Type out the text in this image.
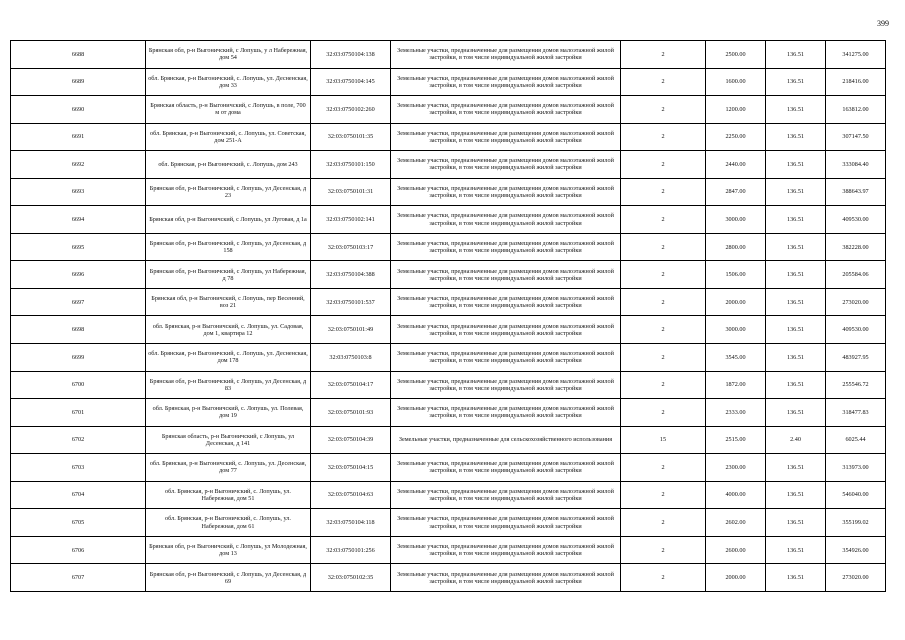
399
6688	Брянская обл, р-н Выгоничский, с Лопушь, у л Набережная, дом 54	32:03:0750104:138	Земельные участки, предназначенные для размещения домов малоэтажной жилой застройки, в том числе индивидуальной жилой застройки	2	2500.00	136.51	341275.00
6689	обл. Брянская, р-н Выгоничский, с. Лопушь, ул. Десненская, дом 33	32:03:0750104:145	Земельные участки, предназначенные для размещения домов малоэтажной жилой застройки, в том числе индивидуальной жилой застройки	2	1600.00	136.51	218416.00
6690	Брянская область, р-н Выгоничский, с Лопушь, в поле, 700 м от домa	32:03:0750102:260	Земельные участки, предназначенные для размещения домов малоэтажной жилой застройки, в том числе индивидуальной жилой застройки	2	1200.00	136.51	163812.00
6691	обл. Брянская, р-н Выгоничский, с. Лопушь, ул. Советская, дом 251-А	32:03:0750101:35	Земельные участки, предназначенные для размещения домов малоэтажной жилой застройки, в том числе индивидуальной жилой застройки	2	2250.00	136.51	307147.50
6692	обл. Брянская, р-н Выгоничский, с. Лопушь, дом 243	32:03:0750101:150	Земельные участки, предназначенные для размещения домов малоэтажной жилой застройки, в том числе индивидуальной жилой застройки	2	2440.00	136.51	333084.40
6693	Брянская обл, р-н Выгоничский, с Лопушь, ул Десенская, д 23	32:03:0750101:31	Земельные участки, предназначенные для размещения домов малоэтажной жилой застройки, в том числе индивидуальной жилой застройки	2	2847.00	136.51	388643.97
6694	Брянская обл, р-н Выгоничский, с Лопушь, ул Луговая, д 1а	32:03:0750102:141	Земельные участки, предназначенные для размещения домов малоэтажной жилой застройки, в том числе индивидуальной жилой застройки	2	3000.00	136.51	409530.00
6695	Брянская обл, р-н Выгоничский, с Лопушь, ул Десенская, д 158	32:03:0750103:17	Земельные участки, предназначенные для размещения домов малоэтажной жилой застройки, в том числе индивидуальной жилой застройки	2	2800.00	136.51	382228.00
6696	Брянская обл, р-н Выгоничский, с Лопушь, ул Набережная, д 78	32:03:0750104:388	Земельные участки, предназначенные для размещения домов малоэтажной жилой застройки, в том числе индивидуальной жилой застройки	2	1506.00	136.51	205584.06
6697	Брянская обл, р-н Выгоничский, с Лопушь, пер Весенний, вoз 21	32:03:0750101:537	Земельные участки, предназначенные для размещения домов малоэтажной жилой застройки, в том числе индивидуальной жилой застройки	2	2000.00	136.51	273020.00
6698	обл. Брянская, р-н Выгоничский, с. Лопушь, ул. Садовая, дом 1, квартира 12	32:03:0750101:49	Земельные участки, предназначенные для размещения домов малоэтажной жилой застройки, в том числе индивидуальной жилой застройки	2	3000.00	136.51	409530.00
6699	обл. Брянская, р-н Выгоничский, с. Лопушь, ул. Десненская, дом 178	32:03:0750103:8	Земельные участки, предназначенные для размещения домов малоэтажной жилой застройки, в том числе индивидуальной жилой застройки	2	3545.00	136.51	483927.95
6700	Брянская обл, р-н Выгоничский, с Лопушь, ул Десенская, д 83	32:03:0750104:17	Земельные участки, предназначенные для размещения домов малоэтажной жилой застройки, в том числе индивидуальной жилой застройки	2	1872.00	136.51	255546.72
6701	обл. Брянская, р-н Выгоничский, с. Лопушь, ул. Полевая, дом 19	32:03:0750101:93	Земельные участки, предназначенные для размещения домов малоэтажной жилой застройки, в том числе индивидуальной жилой застройки	2	2333.00	136.51	318477.83
6702	Брянская область, р-н Выгоничский, с Лопушь, ул Десенская, д 141	32:03:0750104:39	Земельные участки, предназначенные для сельскохозяйственного использования	15	2515.00	2.40	6025.44
6703	обл. Брянская, р-н Выгоничский, с. Лопушь, ул. Десенская, дом 77	32:03:0750104:15	Земельные участки, предназначенные для размещения домов малоэтажной жилой застройки, в том числе индивидуальной жилой застройки	2	2300.00	136.51	313973.00
6704	обл. Брянская, р-н Выгоничский, с. Лопушь, ул. Набережная, дом 51	32:03:0750104:63	Земельные участки, предназначенные для размещения домов малоэтажной жилой застройки, в том числе индивидуальной жилой застройки	2	4000.00	136.51	546040.00
6705	обл. Брянская, р-н Выгоничский, с. Лопушь, ул. Набережная, дом 61	32:03:0750104:118	Земельные участки, предназначенные для размещения домов малоэтажной жилой застройки, в том числе индивидуальной жилой застройки	2	2602.00	136.51	355199.02
6706	Брянская обл, р-н Выгоничский, с Лопушь, ул Молодежная, дом 13	32:03:0750101:256	Земельные участки, предназначенные для размещения домов малоэтажной жилой застройки, в том числе индивидуальной жилой застройки	2	2600.00	136.51	354926.00
6707	Брянская обл, р-н Выгоничский, с Лопушь, ул Десенская, д 69	32:03:0750102:35	Земельные участки, предназначенные для размещения домов малоэтажной жилой застройки, в том числе индивидуальной жилой застройки	2	2000.00	136.51	273020.00
